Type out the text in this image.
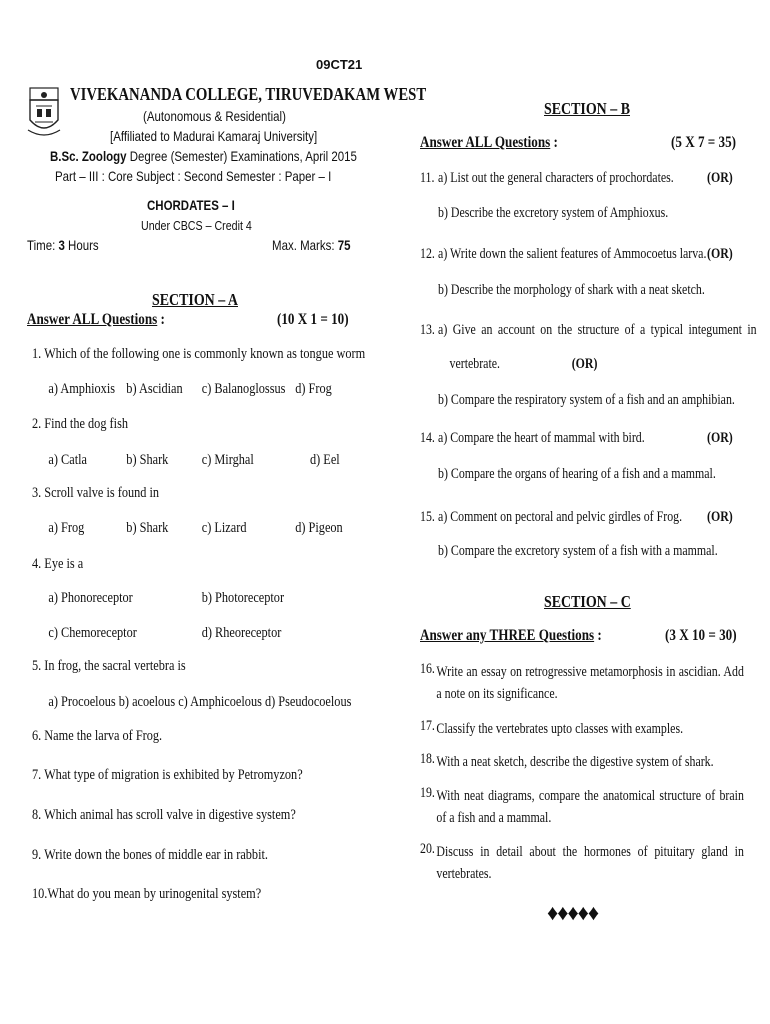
09CT21
VIVEKANANDA COLLEGE, TIRUVEDAKAM WEST
(Autonomous & Residential)
[Affiliated to Madurai Kamaraj University]
B.Sc. Zoology Degree (Semester) Examinations, April 2015
Part – III : Core Subject : Second Semester : Paper – I
CHORDATES – I
Under CBCS – Credit 4
Time: 3 Hours	Max. Marks: 75
SECTION – A
Answer ALL Questions :	(10 X 1 = 10)
1. Which of the following one is commonly known as tongue worm
a) Amphioxis b) Ascidian c) Balanoglossus d) Frog
2. Find the dog fish
a) Catla	b) Shark c) Mirghal	d) Eel
3. Scroll valve is found in
a) Frog	b) Shark c) Lizard	d) Pigeon
4. Eye is a
a) Phonoreceptor	b) Photoreceptor
c) Chemoreceptor	d) Rheoreceptor
5. In frog, the sacral vertebra is
a) Procoelous b) acoelous c) Amphicoelous d) Pseudocoelous
6. Name the larva of Frog.
7. What type of migration is exhibited by Petromyzon?
8. Which animal has scroll valve in digestive system?
9. Write down the bones of middle ear in rabbit.
10.What do you mean by urinogenital system?
SECTION – B
Answer ALL Questions :	(5 X 7 = 35)
11. a) List out the general characters of prochordates. (OR)
b) Describe the excretory system of Amphioxus.
12. a) Write down the salient features of Ammocoetus larva. (OR)
b) Describe the morphology of shark with a neat sketch.
13. a) Give an account on the structure of a typical integument in
vertebrate.	(OR)
b) Compare the respiratory system of a fish and an amphibian.
14. a) Compare the heart of mammal with bird.	(OR)
b) Compare the organs of hearing of a fish and a mammal.
15. a) Comment on pectoral and pelvic girdles of Frog. (OR)
b) Compare the excretory system of a fish with a mammal.
SECTION – C
Answer any THREE Questions :	(3 X 10 = 30)
16. Write an essay on retrogressive metamorphosis in ascidian. Add a note on its significance.
17. Classify the vertebrates upto classes with examples.
18. With a neat sketch, describe the digestive system of shark.
19. With neat diagrams, compare the anatomical structure of brain of a fish and a mammal.
20. Discuss in detail about the hormones of pituitary gland in vertebrates.
♦♦♦♦♦
